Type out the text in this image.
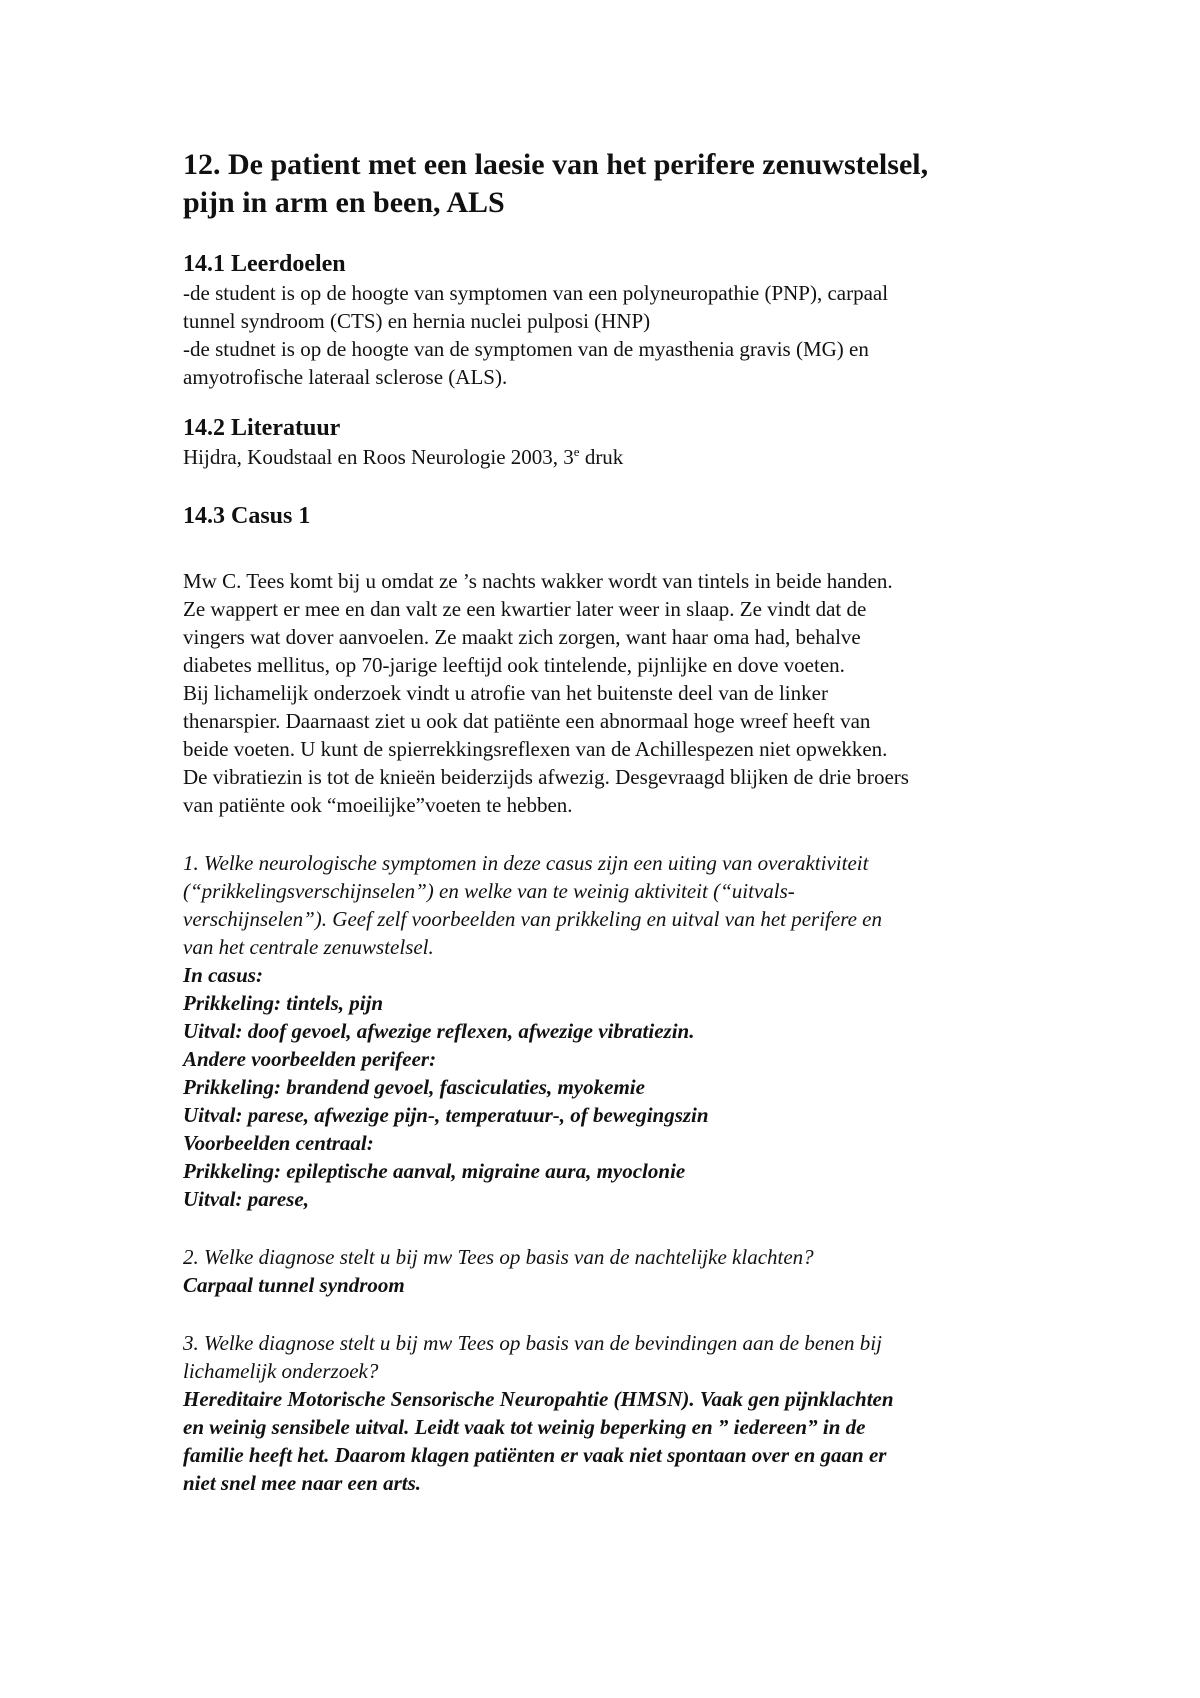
12. De patient met een laesie van het perifere zenuwstelsel,
pijn in arm en been, ALS
14.1 Leerdoelen

-de student is op de hoogte van symptomen van een polyneuropathie (PNP), carpaal
tunnel syndroom (CTS) en hernia nuclei pulposi (HNP)
-de studnet is op de hoogte van de symptomen van de myasthenia gravis (MG) en
amyotrofische lateraal sclerose (ALS).

14.2 Literatuur

Hijdra, Koudstaal en Roos Neurologie 2003, 3e druk

14.3 Casus 1

Mw C. Tees komt bij u omdat ze ’s nachts wakker wordt van tintels in beide handen.
Ze wappert er mee en dan valt ze een kwartier later weer in slaap. Ze vindt dat de
vingers wat dover aanvoelen. Ze maakt zich zorgen, want haar oma had, behalve
diabetes mellitus, op 70-jarige leeftijd ook tintelende, pijnlijke en dove voeten.
Bij lichamelijk onderzoek vindt u atrofie van het buitenste deel van de linker
thenarspier. Daarnaast ziet u ook dat patiënte een abnormaal hoge wreef heeft van
beide voeten. U kunt de spierrekkingsreflexen van de Achillespezen niet opwekken.
De vibratiezin is tot de knieën beiderzijds afwezig. Desgevraagd blijken de drie broers
van patiënte ook “moeilijke”voeten te hebben.

1. Welke neurologische symptomen in deze casus zijn een uiting van overaktiviteit
(“prikkelingsverschijnselen”) en welke van te weinig aktiviteit (“uitvals-
verschijnselen”). Geef zelf voorbeelden van prikkeling en uitval van het perifere en
van het centrale zenuwstelsel.

In casus:
Prikkeling: tintels, pijn
Uitval: doof gevoel, afwezige reflexen, afwezige vibratiezin.
Andere voorbeelden perifeer:
Prikkeling: brandend gevoel, fasciculaties, myokemie
Uitval: parese, afwezige pijn-, temperatuur-, of bewegingszin
Voorbeelden centraal:
Prikkeling: epileptische aanval, migraine aura, myoclonie
Uitval: parese,

2. Welke diagnose stelt u bij mw Tees op basis van de nachtelijke klachten?

Carpaal tunnel syndroom

3. Welke diagnose stelt u bij mw Tees op basis van de bevindingen aan de benen bij
lichamelijk onderzoek?

Hereditaire Motorische Sensorische Neuropahtie (HMSN). Vaak gen pijnklachten
en weinig sensibele uitval. Leidt vaak tot weinig beperking en ” iedereen” in de
familie heeft het. Daarom klagen patiënten er vaak niet spontaan over en gaan er
niet snel mee naar een arts.
